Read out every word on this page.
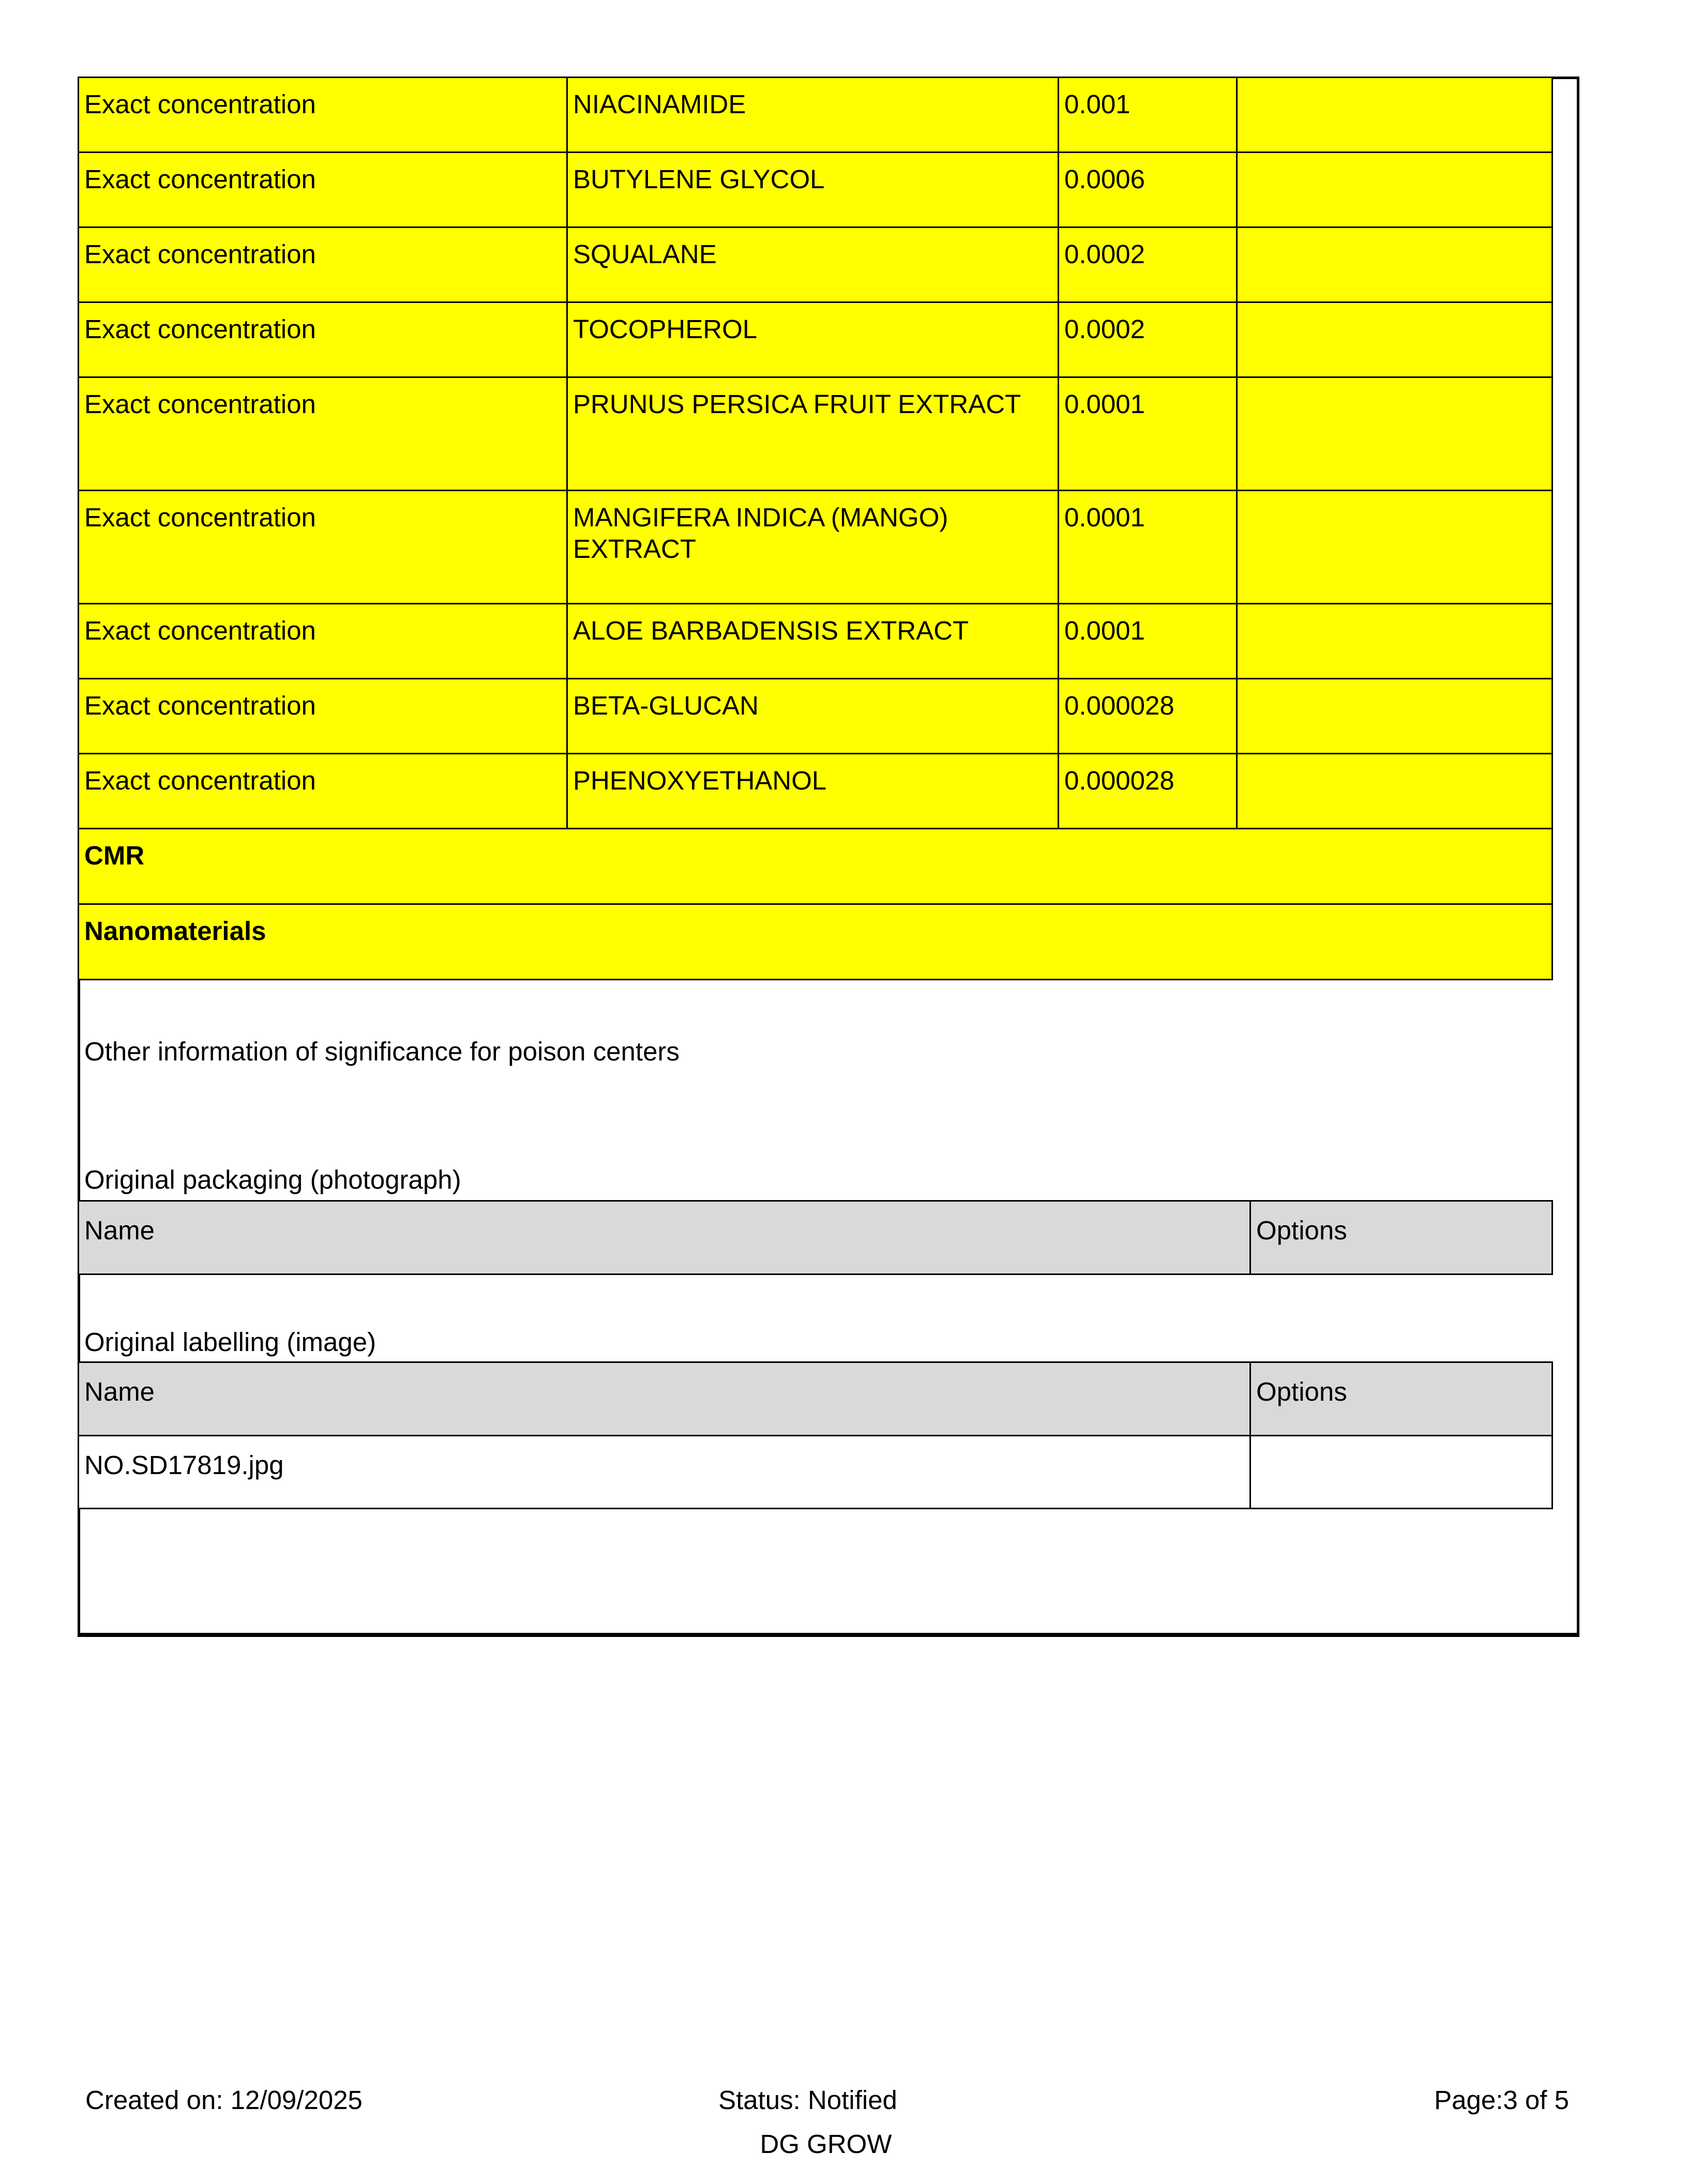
Exact concentration	NIACINAMIDE	0.001	
Exact concentration	BUTYLENE GLYCOL	0.0006	
Exact concentration	SQUALANE	0.0002	
Exact concentration	TOCOPHEROL	0.0002	
Exact concentration	PRUNUS PERSICA FRUIT EXTRACT	0.0001	
Exact concentration	MANGIFERA INDICA (MANGO) EXTRACT	0.0001	
Exact concentration	ALOE BARBADENSIS EXTRACT	0.0001	
Exact concentration	BETA-GLUCAN	0.000028	
Exact concentration	PHENOXYETHANOL	0.000028	
CMR			
Nanomaterials			
Other information of significance for poison centers
Original packaging (photograph)
Name	Options
Original labelling (image)
Name	Options
NO.SD17819.jpg	
Created on: 12/09/2025	Status: Notified
DG GROW
Page:3 of 5
